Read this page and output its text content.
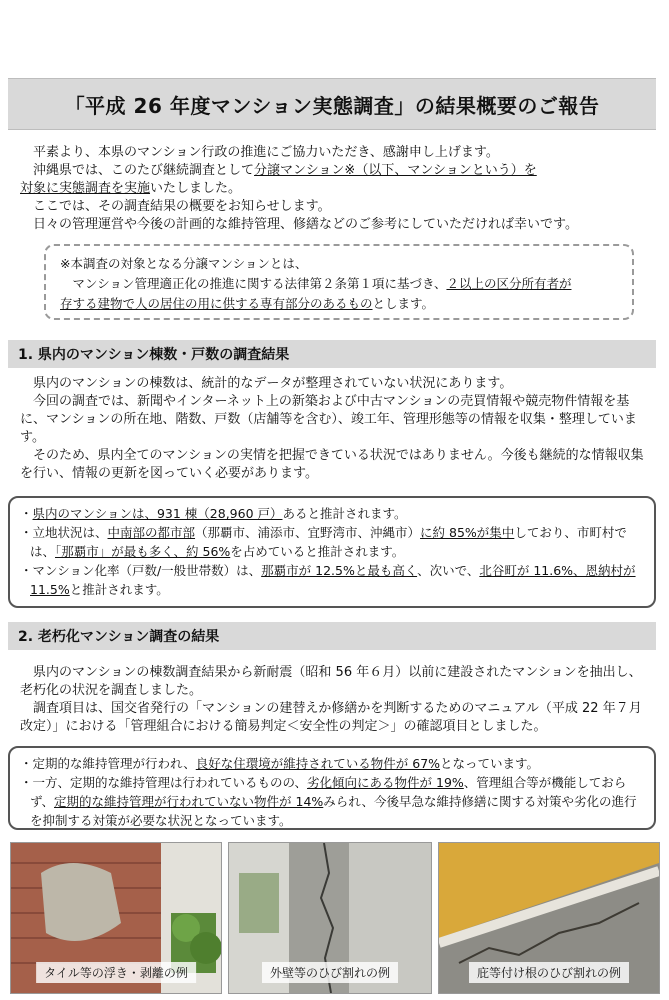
「平成 26 年度マンション実態調査」の結果概要のご報告

平素より、本県のマンション行政の推進にご協力いただき、感謝申し上げます。

沖縄県では、このたび継続調査として分譲マンション※（以下、マンションという）を

対象に実態調査を実施いたしました。

ここでは、その調査結果の概要をお知らせします。

日々の管理運営や今後の計画的な維持管理、修繕などのご参考にしていただければ幸いです。

※本調査の対象となる分譲マンションとは、

マンション管理適正化の推進に関する法律第２条第１項に基づき、２以上の区分所有者が

存する建物で人の居住の用に供する専有部分のあるものとします。

1. 県内のマンション棟数・戸数の調査結果

県内のマンションの棟数は、統計的なデータが整理されていない状況にあります。

今回の調査では、新聞やインターネット上の新築および中古マンションの売買情報や競売物件情報を基に、マンションの所在地、階数、戸数（店舗等を含む）、竣工年、管理形態等の情報を収集・整理しています。

そのため、県内全てのマンションの実情を把握できている状況ではありません。今後も継続的な情報収集を行い、情報の更新を図っていく必要があります。

・県内のマンションは、931 棟（28,960 戸）あると推計されます。
・立地状況は、中南部の都市部（那覇市、浦添市、宜野湾市、沖縄市）に約 85%が集中しており、市町村では、「那覇市」が最も多く、約 56%を占めていると推計されます。
・マンション化率（戸数/一般世帯数）は、那覇市が 12.5%と最も高く、次いで、北谷町が 11.6%、恩納村が 11.5%と推計されます。
2. 老朽化マンション調査の結果

県内のマンションの棟数調査結果から新耐震（昭和 56 年６月）以前に建設されたマンションを抽出し、老朽化の状況を調査しました。

調査項目は、国交省発行の「マンションの建替えか修繕かを判断するためのマニュアル（平成 22 年７月改定）」における「管理組合における簡易判定＜安全性の判定＞」の確認項目としました。

・定期的な維持管理が行われ、良好な住環境が維持されている物件が 67%となっています。
・一方、定期的な維持管理は行われているものの、劣化傾向にある物件が 19%、管理組合等が機能しておらず、定期的な維持管理が行われていない物件が 14%みられ、今後早急な維持修繕に関する対策や劣化の進行を抑制する対策が必要な状況となっています。
タイル等の浮き・剥離の例	外壁等のひび割れの例	庇等付け根のひび割れの例
